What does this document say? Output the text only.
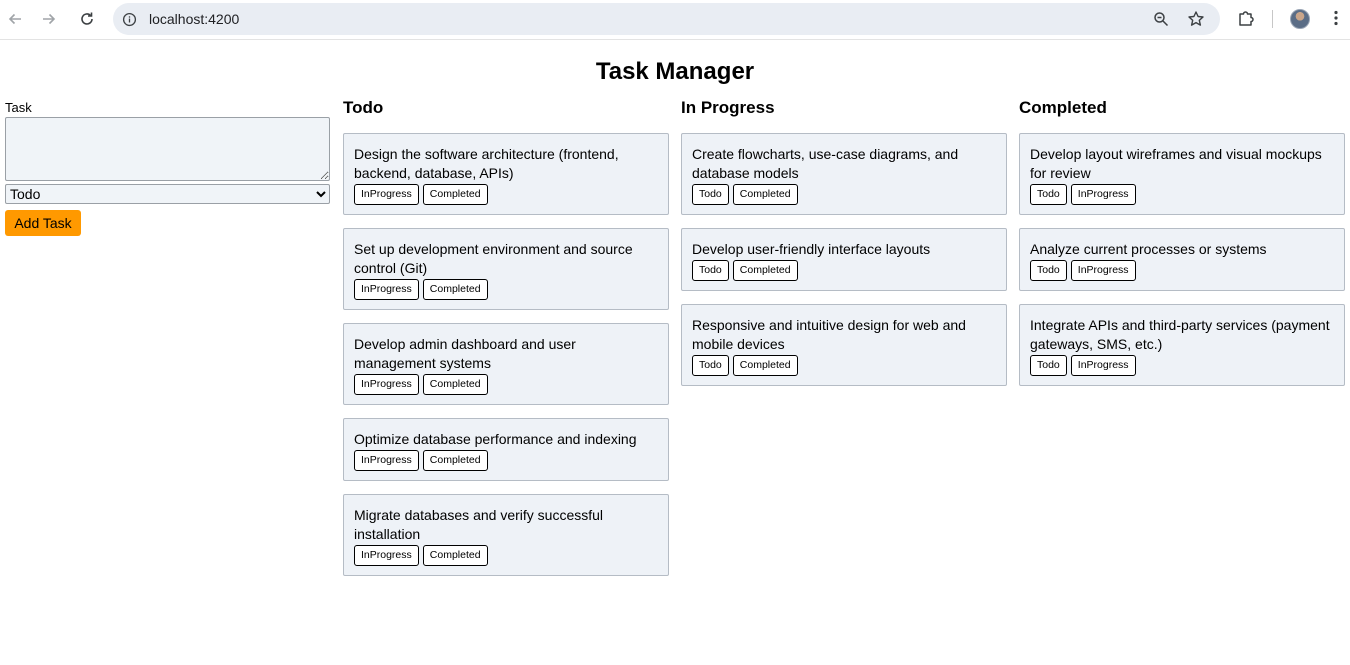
localhost:4200
Task Manager
Task
Todo
Add Task
Todo
Design the software architecture (frontend, backend, database, APIs)
InProgress	Completed
Set up development environment and source control (Git)
InProgress	Completed
Develop admin dashboard and user management systems
InProgress	Completed
Optimize database performance and indexing
InProgress	Completed
Migrate databases and verify successful installation
InProgress	Completed
In Progress
Create flowcharts, use-case diagrams, and database models
Todo	Completed
Develop user-friendly interface layouts
Todo	Completed
Responsive and intuitive design for web and mobile devices
Todo	Completed
Completed
Develop layout wireframes and visual mockups for review
Todo	InProgress
Analyze current processes or systems
Todo	InProgress
Integrate APIs and third-party services (payment gateways, SMS, etc.)
Todo	InProgress
